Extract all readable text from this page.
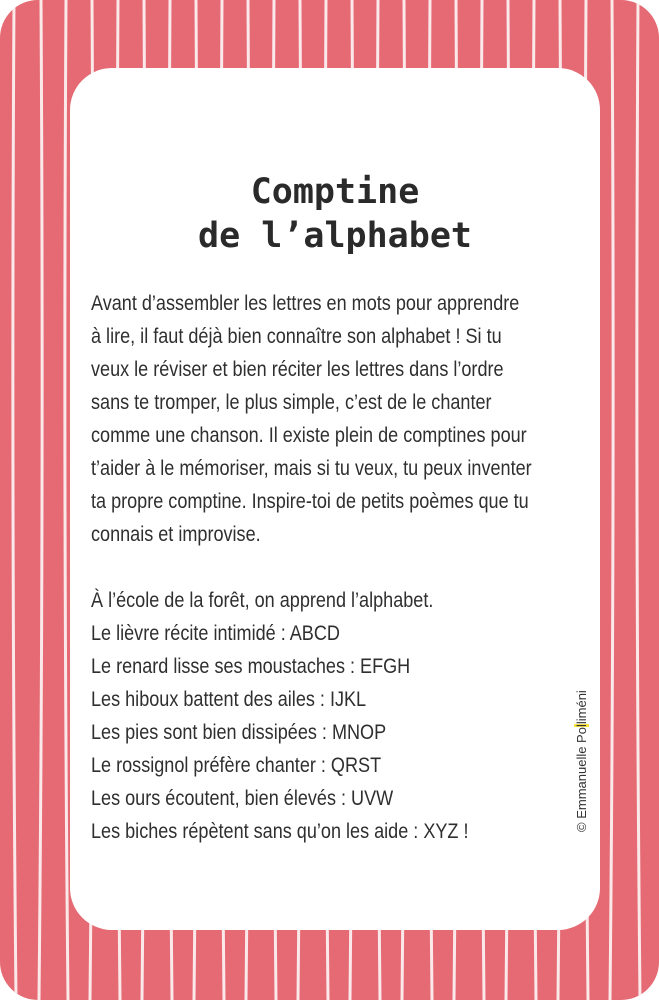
Comptine
de l’alphabet

Avant d’assembler les lettres en mots pour apprendre
à lire, il faut déjà bien connaître son alphabet ! Si tu
veux le réviser et bien réciter les lettres dans l’ordre
sans te tromper, le plus simple, c’est de le chanter
comme une chanson. Il existe plein de comptines pour
t’aider à le mémoriser, mais si tu veux, tu peux inventer
ta propre comptine. Inspire-toi de petits poèmes que tu
connais et improvise.

À l’école de la forêt, on apprend l’alphabet.
Le lièvre récite intimidé : ABCD
Le renard lisse ses moustaches : EFGH
Les hiboux battent des ailes : IJKL
Les pies sont bien dissipées : MNOP
Le rossignol préfère chanter : QRST
Les ours écoutent, bien élevés : UVW
Les biches répètent sans qu’on les aide : XYZ !	© Emmanuelle Polliméni
